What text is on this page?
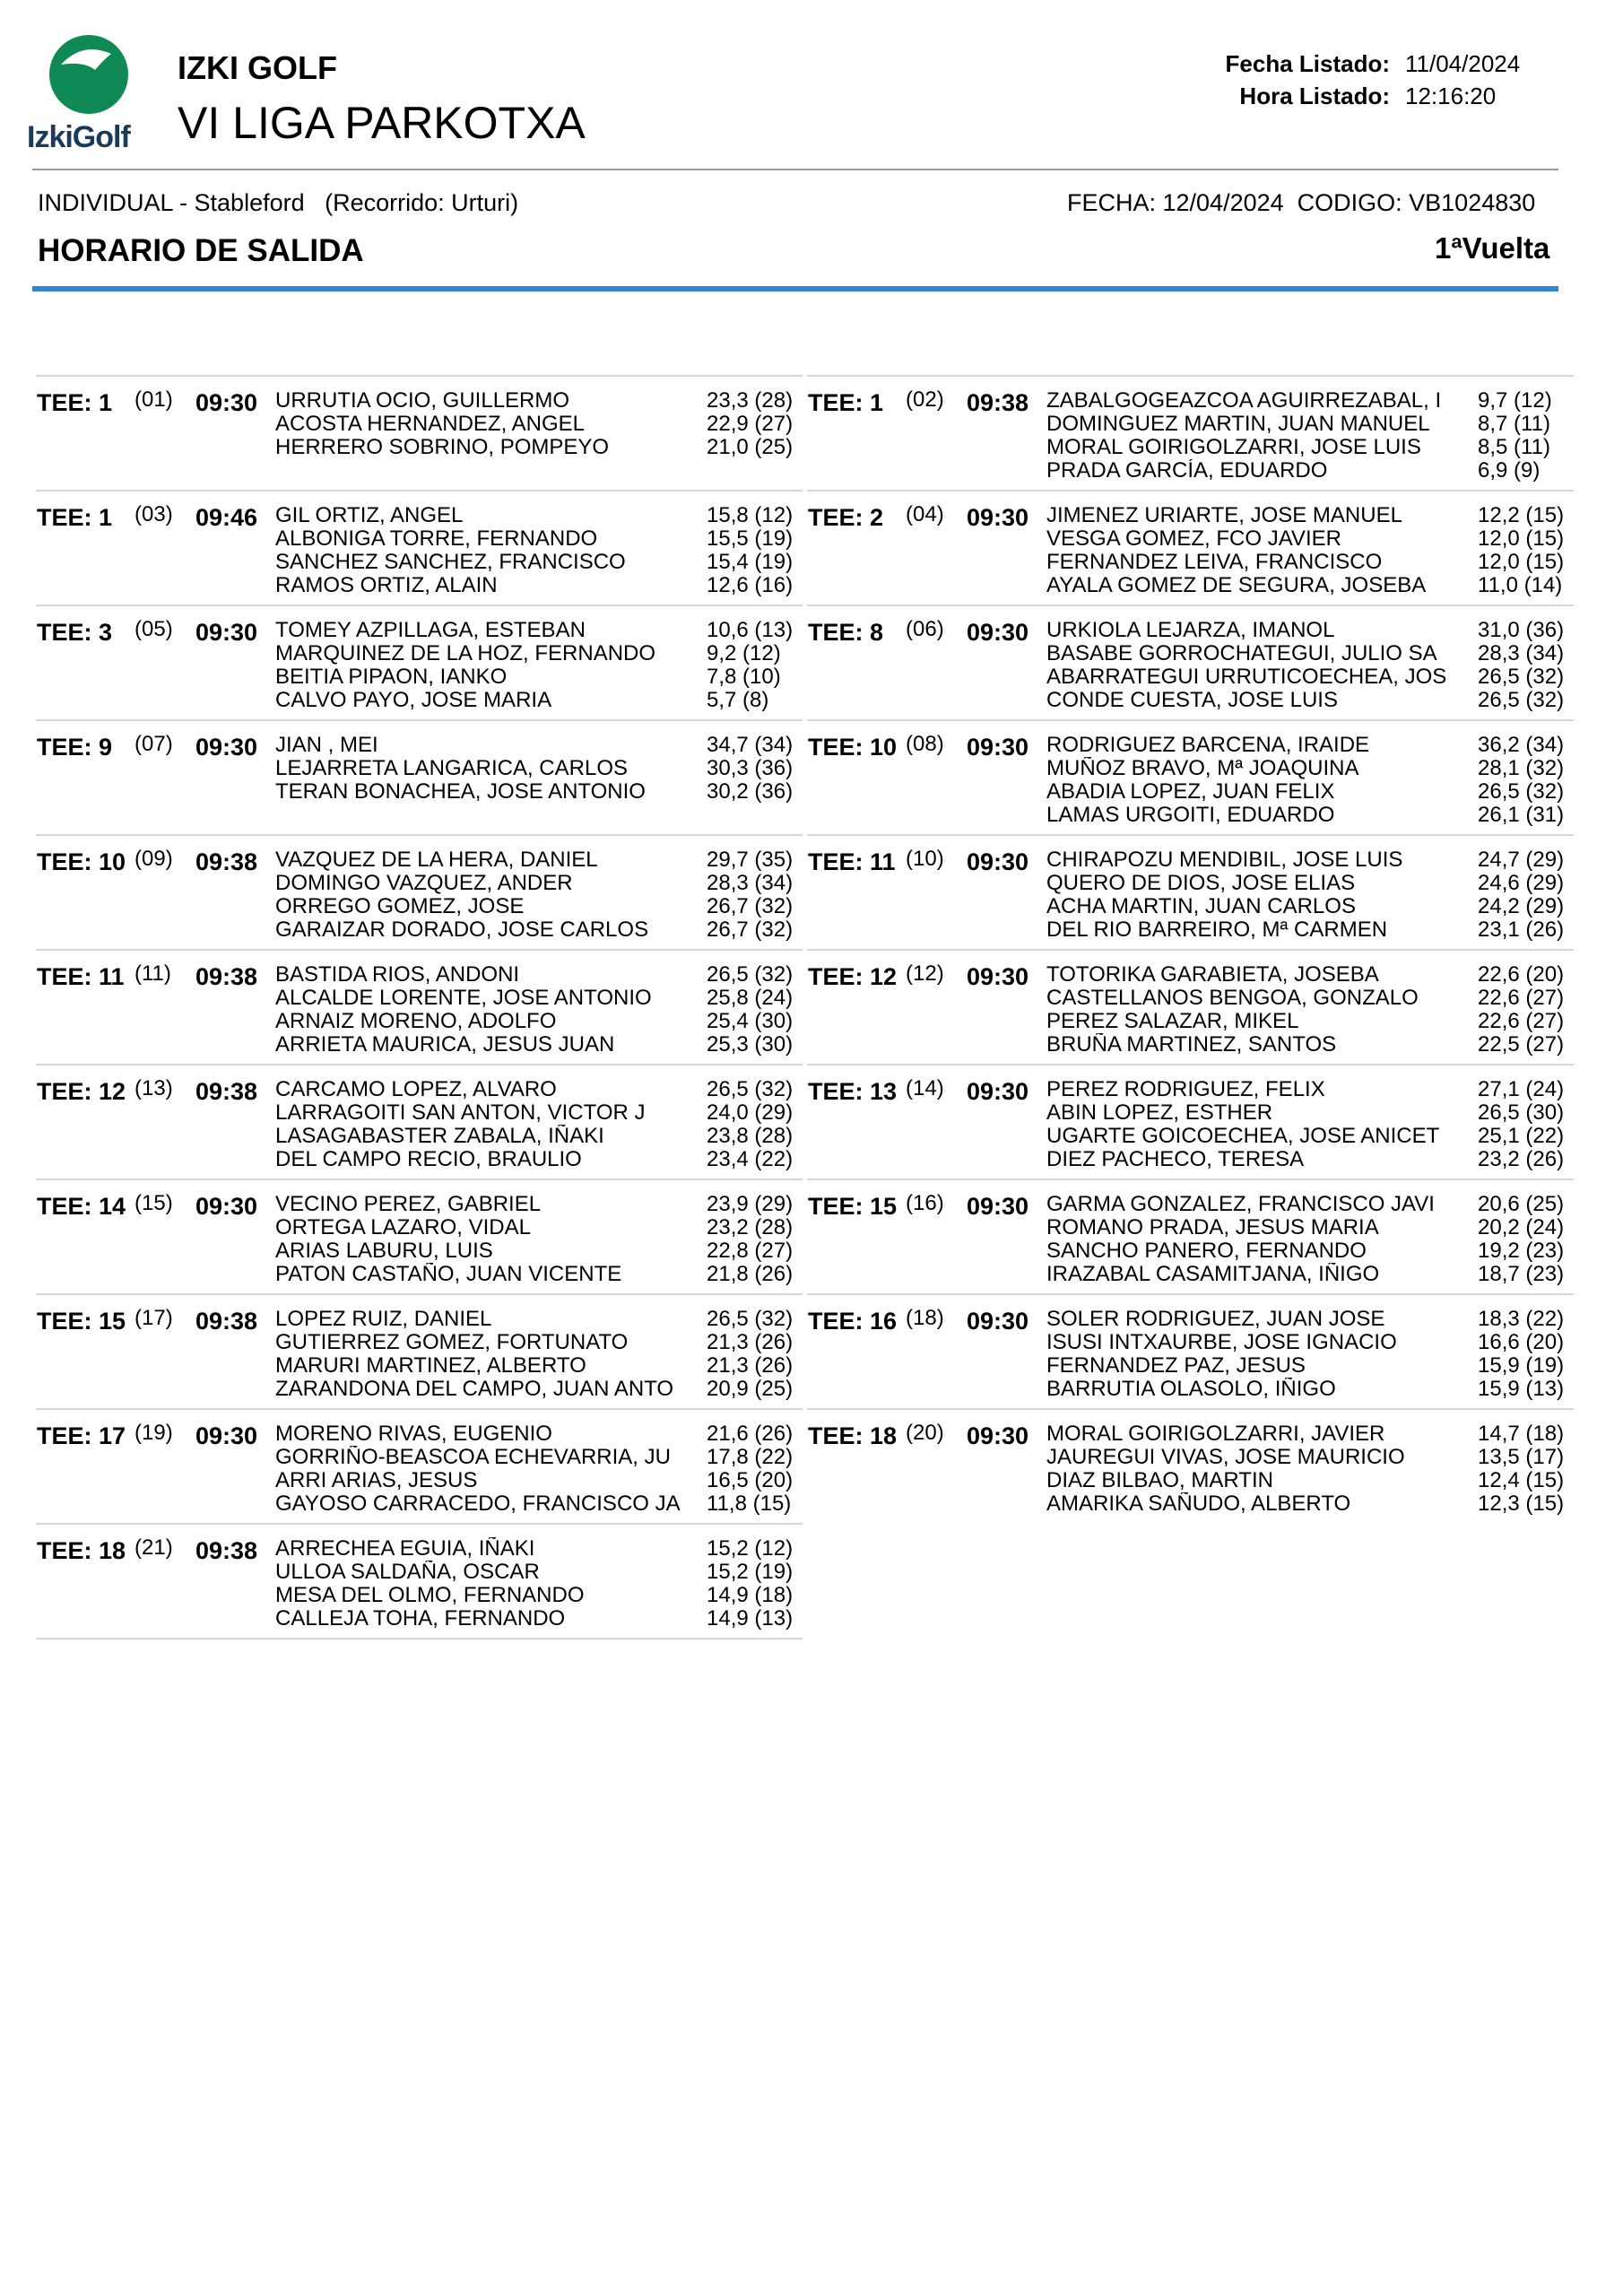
IzkiGolf
IZKI GOLF
VI LIGA PARKOTXA
Fecha Listado: 11/04/2024
Hora Listado: 12:16:20
INDIVIDUAL - Stableford   (Recorrido: Urturi)	FECHA: 12/04/2024  CODIGO: VB1024830
HORARIO DE SALIDA	1ªVuelta
TEE: 1 (01) 09:30 URRUTIA OCIO, GUILLERMO
ACOSTA HERNANDEZ, ANGEL
HERRERO SOBRINO, POMPEYO
23,3 (28)
22,9 (27)
21,0 (25)
TEE: 1 (02) 09:38 ZABALGOGEAZCOA AGUIRREZABAL, I
DOMINGUEZ MARTIN, JUAN MANUEL
MORAL GOIRIGOLZARRI, JOSE LUIS
PRADA GARCÍA, EDUARDO
9,7 (12)
8,7 (11)
8,5 (11)
6,9 (9)
TEE: 1 (03) 09:46 GIL ORTIZ, ANGEL
ALBONIGA TORRE, FERNANDO
SANCHEZ SANCHEZ, FRANCISCO
RAMOS ORTIZ, ALAIN
15,8 (12)
15,5 (19)
15,4 (19)
12,6 (16)
TEE: 2 (04) 09:30 JIMENEZ URIARTE, JOSE MANUEL
VESGA GOMEZ, FCO JAVIER
FERNANDEZ LEIVA, FRANCISCO
AYALA GOMEZ DE SEGURA, JOSEBA
12,2 (15)
12,0 (15)
12,0 (15)
11,0 (14)
TEE: 3 (05) 09:30 TOMEY AZPILLAGA, ESTEBAN
MARQUINEZ DE LA HOZ, FERNANDO
BEITIA PIPAON, IANKO
CALVO PAYO, JOSE MARIA
10,6 (13)
9,2 (12)
7,8 (10)
5,7 (8)
TEE: 8 (06) 09:30 URKIOLA LEJARZA, IMANOL
BASABE GORROCHATEGUI, JULIO SA
ABARRATEGUI URRUTICOECHEA, JOS
CONDE CUESTA, JOSE LUIS
31,0 (36)
28,3 (34)
26,5 (32)
26,5 (32)
TEE: 9 (07) 09:30 JIAN , MEI
LEJARRETA LANGARICA, CARLOS
TERAN BONACHEA, JOSE ANTONIO
34,7 (34)
30,3 (36)
30,2 (36)
TEE: 10 (08) 09:30 RODRIGUEZ BARCENA, IRAIDE
MUÑOZ BRAVO, Mª JOAQUINA
ABADIA LOPEZ, JUAN FELIX
LAMAS URGOITI, EDUARDO
36,2 (34)
28,1 (32)
26,5 (32)
26,1 (31)
TEE: 10 (09) 09:38 VAZQUEZ DE LA HERA, DANIEL
DOMINGO VAZQUEZ, ANDER
ORREGO GOMEZ, JOSE
GARAIZAR DORADO, JOSE CARLOS
29,7 (35)
28,3 (34)
26,7 (32)
26,7 (32)
TEE: 11 (10) 09:30 CHIRAPOZU MENDIBIL, JOSE LUIS
QUERO DE DIOS, JOSE ELIAS
ACHA MARTIN, JUAN CARLOS
DEL RIO BARREIRO, Mª CARMEN
24,7 (29)
24,6 (29)
24,2 (29)
23,1 (26)
TEE: 11 (11) 09:38 BASTIDA RIOS, ANDONI
ALCALDE LORENTE, JOSE ANTONIO
ARNAIZ MORENO, ADOLFO
ARRIETA MAURICA, JESUS JUAN
26,5 (32)
25,8 (24)
25,4 (30)
25,3 (30)
TEE: 12 (12) 09:30 TOTORIKA GARABIETA, JOSEBA
CASTELLANOS BENGOA, GONZALO
PEREZ SALAZAR, MIKEL
BRUÑA MARTINEZ, SANTOS
22,6 (20)
22,6 (27)
22,6 (27)
22,5 (27)
TEE: 12 (13) 09:38 CARCAMO LOPEZ, ALVARO
LARRAGOITI SAN ANTON, VICTOR J
LASAGABASTER ZABALA, IÑAKI
DEL CAMPO RECIO, BRAULIO
26,5 (32)
24,0 (29)
23,8 (28)
23,4 (22)
TEE: 13 (14) 09:30 PEREZ RODRIGUEZ, FELIX
ABIN LOPEZ, ESTHER
UGARTE GOICOECHEA, JOSE ANICET
DIEZ PACHECO, TERESA
27,1 (24)
26,5 (30)
25,1 (22)
23,2 (26)
TEE: 14 (15) 09:30 VECINO PEREZ, GABRIEL
ORTEGA LAZARO, VIDAL
ARIAS LABURU, LUIS
PATON CASTAÑO, JUAN VICENTE
23,9 (29)
23,2 (28)
22,8 (27)
21,8 (26)
TEE: 15 (16) 09:30 GARMA GONZALEZ, FRANCISCO JAVI
ROMANO PRADA, JESUS MARIA
SANCHO PANERO, FERNANDO
IRAZABAL CASAMITJANA, IÑIGO
20,6 (25)
20,2 (24)
19,2 (23)
18,7 (23)
TEE: 15 (17) 09:38 LOPEZ RUIZ, DANIEL
GUTIERREZ GOMEZ, FORTUNATO
MARURI MARTINEZ, ALBERTO
ZARANDONA DEL CAMPO, JUAN ANTO
26,5 (32)
21,3 (26)
21,3 (26)
20,9 (25)
TEE: 16 (18) 09:30 SOLER RODRIGUEZ, JUAN JOSE
ISUSI INTXAURBE, JOSE IGNACIO
FERNANDEZ PAZ, JESUS
BARRUTIA OLASOLO, IÑIGO
18,3 (22)
16,6 (20)
15,9 (19)
15,9 (13)
TEE: 17 (19) 09:30 MORENO RIVAS, EUGENIO
GORRIÑO-BEASCOA ECHEVARRIA, JU
ARRI ARIAS, JESUS
GAYOSO CARRACEDO, FRANCISCO JA
21,6 (26)
17,8 (22)
16,5 (20)
11,8 (15)
TEE: 18 (20) 09:30 MORAL GOIRIGOLZARRI, JAVIER
JAUREGUI VIVAS, JOSE MAURICIO
DIAZ BILBAO, MARTIN
AMARIKA SAÑUDO, ALBERTO
14,7 (18)
13,5 (17)
12,4 (15)
12,3 (15)
TEE: 18 (21) 09:38 ARRECHEA EGUIA, IÑAKI
ULLOA SALDAÑA, OSCAR
MESA DEL OLMO, FERNANDO
CALLEJA TOHA, FERNANDO
15,2 (12)
15,2 (19)
14,9 (18)
14,9 (13)
